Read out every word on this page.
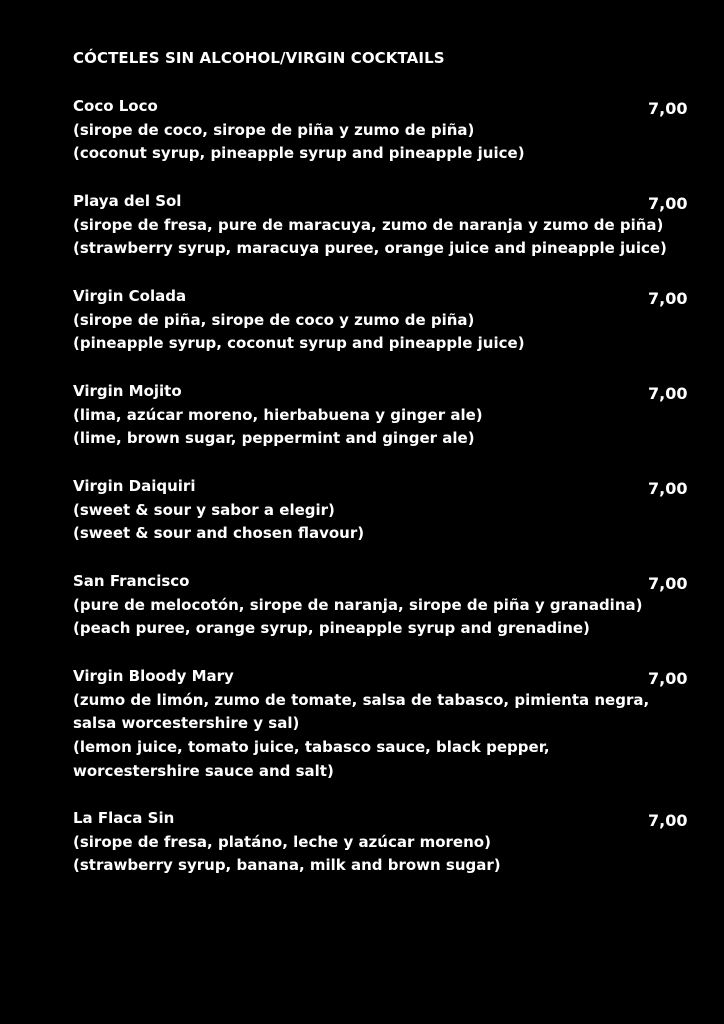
CÓCTELES SIN ALCOHOL/VIRGIN COCKTAILS
Coco Loco
(sirope de coco, sirope de piña y zumo de piña)
(coconut syrup, pineapple syrup and pineapple juice)
7,00
Playa del Sol
(sirope de fresa, pure de maracuya, zumo de naranja y zumo de piña)
(strawberry syrup, maracuya puree, orange juice and pineapple juice)
7,00
Virgin Colada
(sirope de piña, sirope de coco y zumo de piña)
(pineapple syrup, coconut syrup and pineapple juice)
7,00
Virgin Mojito
(lima, azúcar moreno, hierbabuena y ginger ale)
(lime, brown sugar, peppermint and ginger ale)
7,00
Virgin Daiquiri
(sweet & sour y sabor a elegir)
(sweet & sour and chosen flavour)
7,00
San Francisco
(pure de melocotón, sirope de naranja, sirope de piña y granadina)
(peach puree, orange syrup, pineapple syrup and grenadine)
7,00
Virgin Bloody Mary
(zumo de limón, zumo de tomate, salsa de tabasco, pimienta negra,
salsa worcestershire y sal)
(lemon juice, tomato juice, tabasco sauce, black pepper,
worcestershire sauce and salt)
7,00
La Flaca Sin
(sirope de fresa, platáno, leche y azúcar moreno)
(strawberry syrup, banana, milk and brown sugar)
7,00
